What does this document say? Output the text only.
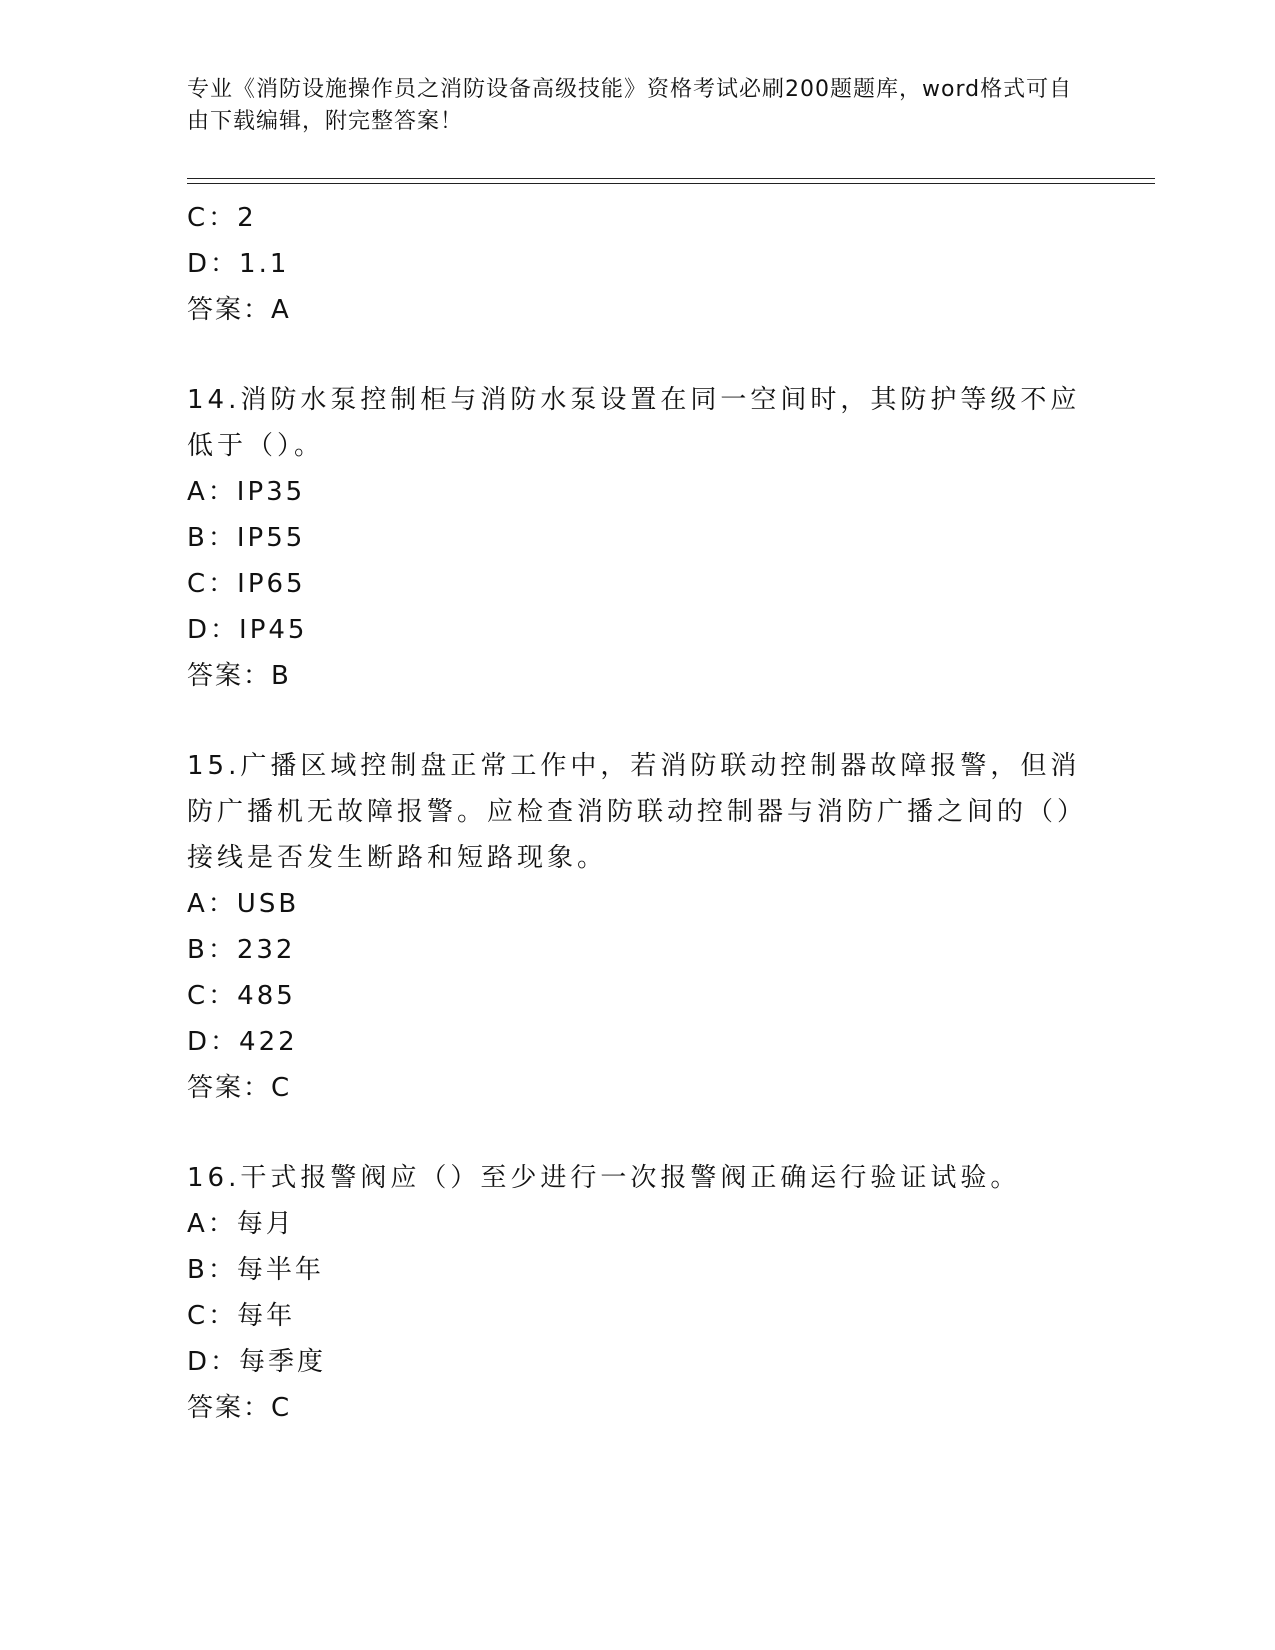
专业《消防设施操作员之消防设备高级技能》资格考试必刷200题题库，word格式可自由下载编辑，附完整答案！
C：2
D：1.1
答案：A
14.消防水泵控制柜与消防水泵设置在同一空间时，其防护等级不应低于（）。
A：IP35
B：IP55
C：IP65
D：IP45
答案：B
15.广播区域控制盘正常工作中，若消防联动控制器故障报警，但消防广播机无故障报警。应检查消防联动控制器与消防广播之间的（）接线是否发生断路和短路现象。
A：USB
B：232
C：485
D：422
答案：C
16.干式报警阀应（）至少进行一次报警阀正确运行验证试验。
A：每月
B：每半年
C：每年
D：每季度
答案：C
